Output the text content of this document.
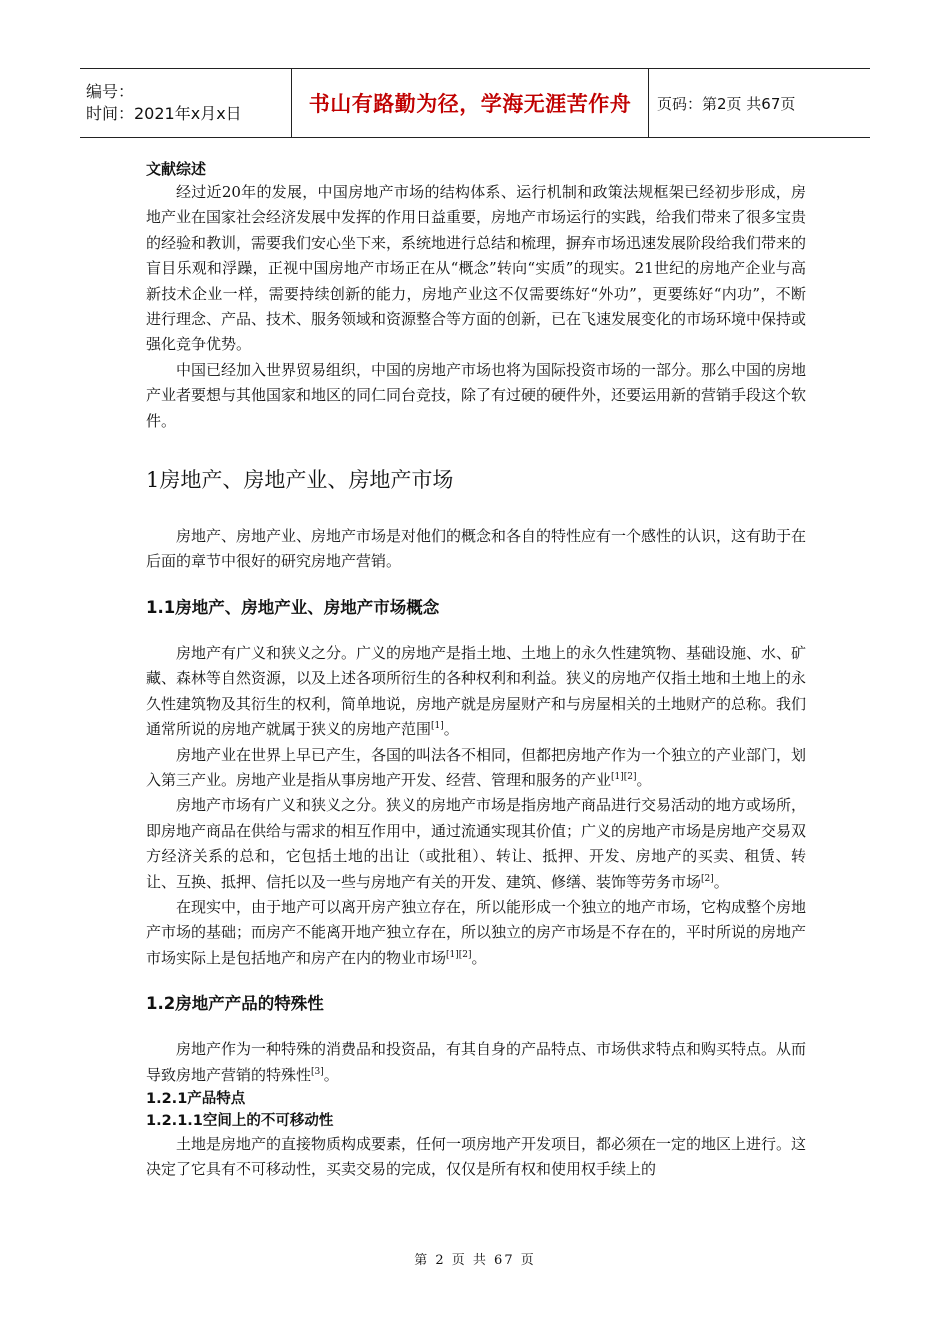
编号：
时间：2021年x月x日	书山有路勤为径，学海无涯苦作舟	页码：第2页 共67页
文献综述

经过近20年的发展，中国房地产市场的结构体系、运行机制和政策法规框架已经初步形成，房地产业在国家社会经济发展中发挥的作用日益重要，房地产市场运行的实践，给我们带来了很多宝贵的经验和教训，需要我们安心坐下来，系统地进行总结和梳理，摒弃市场迅速发展阶段给我们带来的盲目乐观和浮躁，正视中国房地产市场正在从“概念”转向“实质”的现实。21世纪的房地产企业与高新技术企业一样，需要持续创新的能力，房地产业这不仅需要练好“外功”，更要练好“内功”，不断进行理念、产品、技术、服务领域和资源整合等方面的创新，已在飞速发展变化的市场环境中保持或强化竞争优势。

中国已经加入世界贸易组织，中国的房地产市场也将为国际投资市场的一部分。那么中国的房地产业者要想与其他国家和地区的同仁同台竞技，除了有过硬的硬件外，还要运用新的营销手段这个软件。

1房地产、房地产业、房地产市场

房地产、房地产业、房地产市场是对他们的概念和各自的特性应有一个感性的认识，这有助于在后面的章节中很好的研究房地产营销。

1.1房地产、房地产业、房地产市场概念

房地产有广义和狭义之分。广义的房地产是指土地、土地上的永久性建筑物、基础设施、水、矿藏、森林等自然资源，以及上述各项所衍生的各种权利和利益。狭义的房地产仅指土地和土地上的永久性建筑物及其衍生的权利，简单地说，房地产就是房屋财产和与房屋相关的土地财产的总称。我们通常所说的房地产就属于狭义的房地产范围[1]。

房地产业在世界上早已产生，各国的叫法各不相同，但都把房地产作为一个独立的产业部门，划入第三产业。房地产业是指从事房地产开发、经营、管理和服务的产业[1][2]。

房地产市场有广义和狭义之分。狭义的房地产市场是指房地产商品进行交易活动的地方或场所，即房地产商品在供给与需求的相互作用中，通过流通实现其价值；广义的房地产市场是房地产交易双方经济关系的总和，它包括土地的出让（或批租）、转让、抵押、开发、房地产的买卖、租赁、转让、互换、抵押、信托以及一些与房地产有关的开发、建筑、修缮、装饰等劳务市场[2]。

在现实中，由于地产可以离开房产独立存在，所以能形成一个独立的地产市场，它构成整个房地产市场的基础；而房产不能离开地产独立存在，所以独立的房产市场是不存在的，平时所说的房地产市场实际上是包括地产和房产在内的物业市场[1][2]。

1.2房地产产品的特殊性

房地产作为一种特殊的消费品和投资品，有其自身的产品特点、市场供求特点和购买特点。从而导致房地产营销的特殊性[3]。

1.2.1产品特点
1.2.1.1空间上的不可移动性

土地是房地产的直接物质构成要素，任何一项房地产开发项目，都必须在一定的地区上进行。这决定了它具有不可移动性，买卖交易的完成，仅仅是所有权和使用权手续上的

第 2 页 共 67 页
